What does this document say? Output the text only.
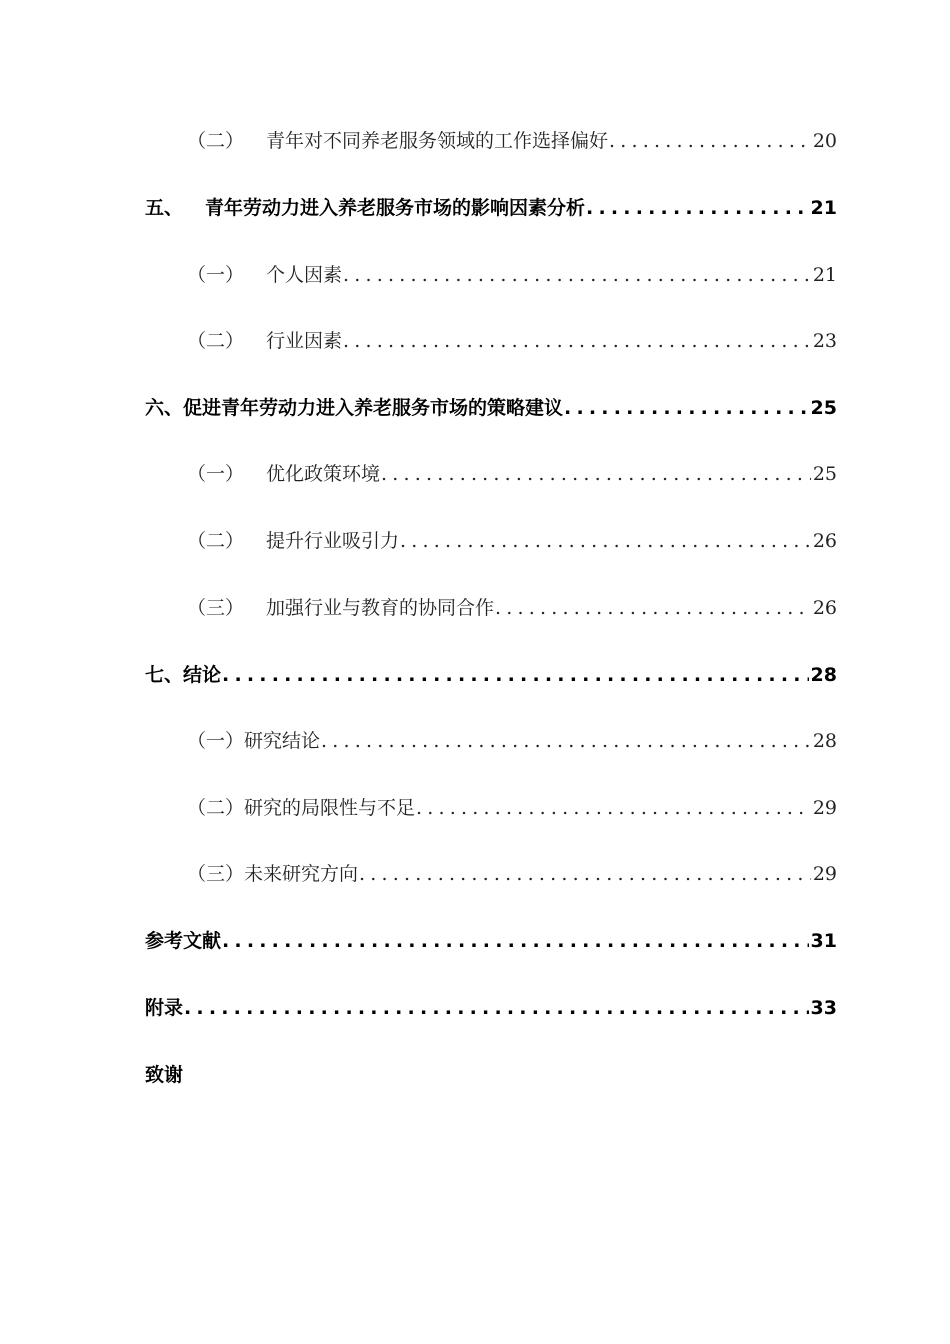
（二） 青年对不同养老服务领域的工作选择偏好 .....	20
五、 青年劳动力进入养老服务市场的影响因素分析 .....	21
（一） 个人因素 .....	21
（二） 行业因素 .....	23
六、 促进青年劳动力进入养老服务市场的策略建议 .....	25
（一） 优化政策环境 .....	25
（二） 提升行业吸引力 .....	26
（三） 加强行业与教育的协同合作 .....	26
七、 结论 .....	28
（一） 研究结论 .....	28
（二） 研究的局限性与不足 .....	29
（三） 未来研究方向 .....	29
参考文献 .....	31
附录 .....	33
致谢
